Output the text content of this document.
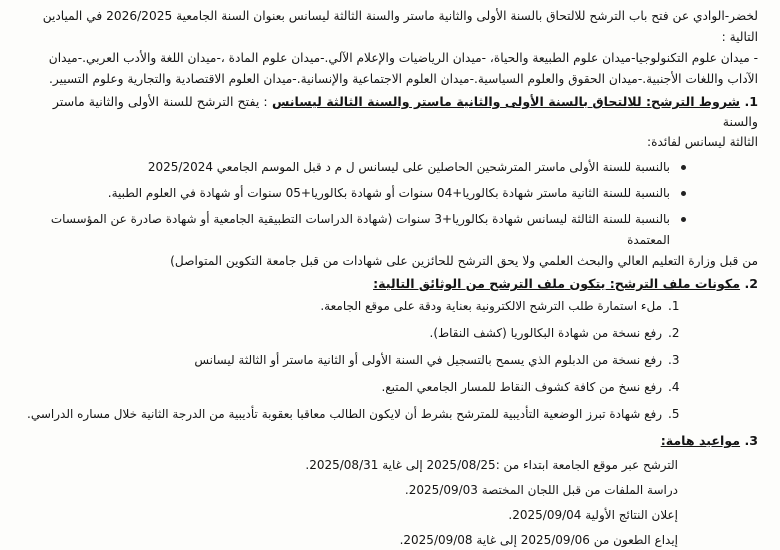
لخضر-الوادي عن فتح باب الترشح للالتحاق بالسنة الأولى والثانية ماستر والسنة الثالثة ليسانس بعنوان السنة الجامعية 2026/2025 في الميادين التالية :

- ميدان علوم التكنولوجيا-ميدان علوم الطبيعة والحياة، -ميدان الرياضيات والإعلام الآلي.-ميدان علوم المادة ،-ميدان اللغة والأدب العربي.-ميدان

الآداب واللغات الأجنبية.-ميدان الحقوق والعلوم السياسية.-ميدان العلوم الاجتماعية والإنسانية.-ميدان العلوم الاقتصادية والتجارية وعلوم التسيير.

1. شروط الترشح: للالتحاق بالسنة الأولى والثانية ماستر والسنة الثالثة ليسانس : يفتح الترشح للسنة الأولى والثانية ماستر والسنة
الثالثة ليسانس لفائدة:
بالنسبة للسنة الأولى ماستر المترشحين الحاصلين على ليسانس ل م د قبل الموسم الجامعي 2025/2024
بالنسبة للسنة الثانية ماستر شهادة بكالوريا+04 سنوات أو شهادة بكالوريا+05 سنوات أو شهادة في العلوم الطبية.
بالنسبة للسنة الثالثة ليسانس شهادة بكالوريا+3 سنوات (شهادة الدراسات التطبيقية الجامعية أو شهادة صادرة عن المؤسسات المعتمدة
من قبل وزارة التعليم العالي والبحث العلمي ولا يحق الترشح للحائزين على شهادات من قبل جامعة التكوين المتواصل)
2. مكونات ملف الترشح: يتكون ملف الترشح من الوثائق التالية:
1.
ملء استمارة طلب الترشح الالكترونية بعناية ودقة على موقع الجامعة.
2.
رفع نسخة من شهادة البكالوريا (كشف النقاط).
3.
رفع نسخة من الدبلوم الذي يسمح بالتسجيل في السنة الأولى أو الثانية ماستر أو الثالثة ليسانس
4.
رفع نسخ من كافة كشوف النقاط للمسار الجامعي المتبع.
5.
رفع شهادة تبرز الوضعية التأديبية للمترشح بشرط أن لايكون الطالب معاقبا بعقوبة تأديبية من الدرجة الثانية خلال مساره الدراسي.
3. مواعيد هامة:
الترشح عبر موقع الجامعة ابتداء من :2025/08/25 إلى غاية 2025/08/31.
دراسة الملفات من قبل اللجان المختصة 2025/09/03.
إعلان النتائج الأولية 2025/09/04.
إيداع الطعون من 2025/09/06 إلى غاية 2025/09/08.
